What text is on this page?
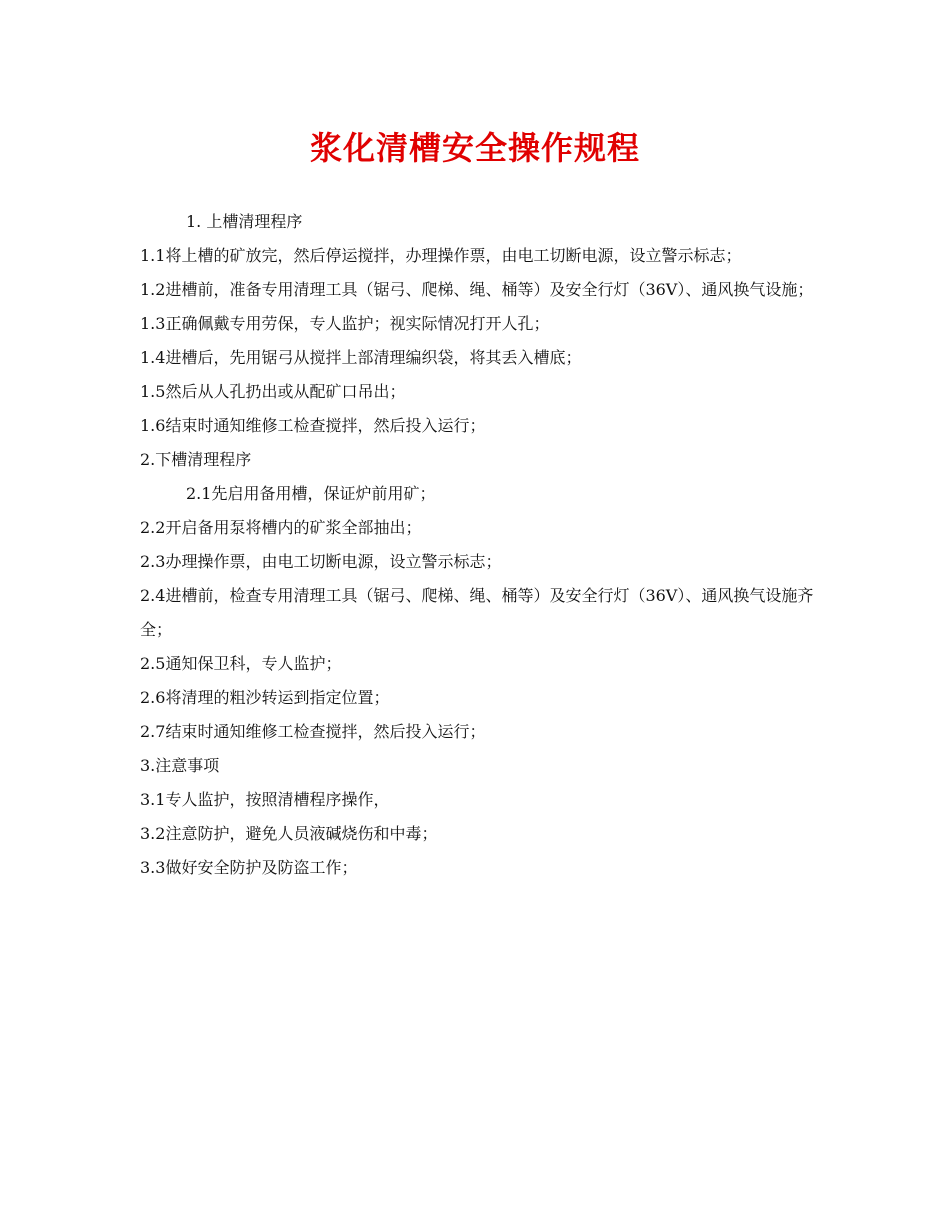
浆化清槽安全操作规程

1. 上槽清理程序

1.1将上槽的矿放完，然后停运搅拌，办理操作票，由电工切断电源，设立警示标志；

1.2进槽前，准备专用清理工具（锯弓、爬梯、绳、桶等）及安全行灯（36V）、通风换气设施；

1.3正确佩戴专用劳保，专人监护；视实际情况打开人孔；

1.4进槽后，先用锯弓从搅拌上部清理编织袋，将其丢入槽底；

1.5然后从人孔扔出或从配矿口吊出；

1.6结束时通知维修工检查搅拌，然后投入运行；

2.下槽清理程序

2.1先启用备用槽，保证炉前用矿；

2.2开启备用泵将槽内的矿浆全部抽出；

2.3办理操作票，由电工切断电源，设立警示标志；

2.4进槽前，检查专用清理工具（锯弓、爬梯、绳、桶等）及安全行灯（36V）、通风换气设施齐全；

2.5通知保卫科，专人监护；

2.6将清理的粗沙转运到指定位置；

2.7结束时通知维修工检查搅拌，然后投入运行；

3.注意事项

3.1专人监护，按照清槽程序操作，

3.2注意防护，避免人员液碱烧伤和中毒；

3.3做好安全防护及防盗工作；
